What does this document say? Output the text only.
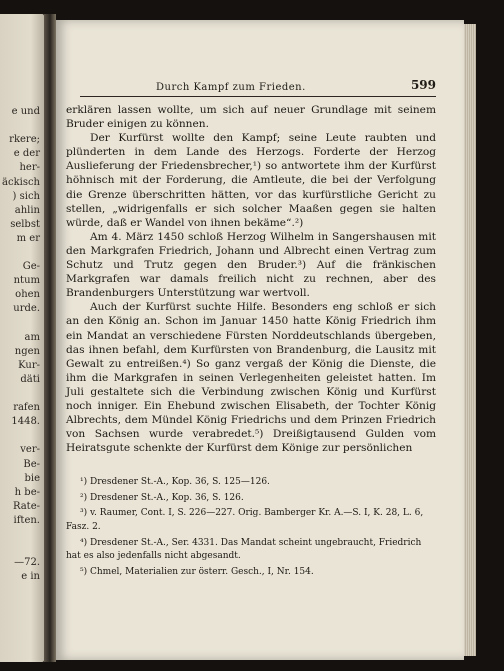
e und
rkere;
e der
her-
äckisch
) sich
ahlin
selbst
m er
Ge-
ntum
ohen
urde.
am
ngen
Kur-
däti
rafen
1448.
ver-
Be-
bie
h be-
Rate-
iften.
—72.
e in
Durch Kampf zum Frieden.	599

erklären lassen wollte, um sich auf neuer Grundlage mit seinem Bruder einigen zu können.

Der Kurfürst wollte den Kampf; seine Leute raubten und plünderten in dem Lande des Herzogs. Forderte der Herzog Auslieferung der Friedensbrecher,¹) so antwortete ihm der Kurfürst höhnisch mit der Forderung, die Amtleute, die bei der Verfolgung die Grenze überschritten hätten, vor das kurfürstliche Gericht zu stellen, „widrigenfalls er sich solcher Maaßen gegen sie halten würde, daß er Wandel von ihnen bekäme“.²)

Am 4. März 1450 schloß Herzog Wilhelm in Sangershausen mit den Markgrafen Friedrich, Johann und Albrecht einen Vertrag zum Schutz und Trutz gegen den Bruder.³) Auf die fränkischen Markgrafen war damals freilich nicht zu rechnen, aber des Brandenburgers Unterstützung war wertvoll.

Auch der Kurfürst suchte Hilfe. Besonders eng schloß er sich an den König an. Schon im Januar 1450 hatte König Friedrich ihm ein Mandat an verschiedene Fürsten Norddeutschlands übergeben, das ihnen befahl, dem Kurfürsten von Brandenburg, die Lausitz mit Gewalt zu entreißen.⁴) So ganz vergaß der König die Dienste, die ihm die Markgrafen in seinen Verlegenheiten geleistet hatten. Im Juli gestaltete sich die Verbindung zwischen König und Kurfürst noch inniger. Ein Ehebund zwischen Elisabeth, der Tochter König Albrechts, dem Mündel König Friedrichs und dem Prinzen Friedrich von Sachsen wurde verabredet.⁵) Dreißigtausend Gulden vom Heiratsgute schenkte der Kurfürst dem Könige zur persönlichen

¹) Dresdener St.-A., Kop. 36, S. 125—126.

²) Dresdener St.-A., Kop. 36, S. 126.

³) v. Raumer, Cont. I, S. 226—227. Orig. Bamberger Kr. A.—S. I, K. 28, L. 6, Fasz. 2.

⁴) Dresdener St.-A., Ser. 4331. Das Mandat scheint ungebraucht, Friedrich hat es also jedenfalls nicht abgesandt.

⁵) Chmel, Materialien zur österr. Gesch., I, Nr. 154.
